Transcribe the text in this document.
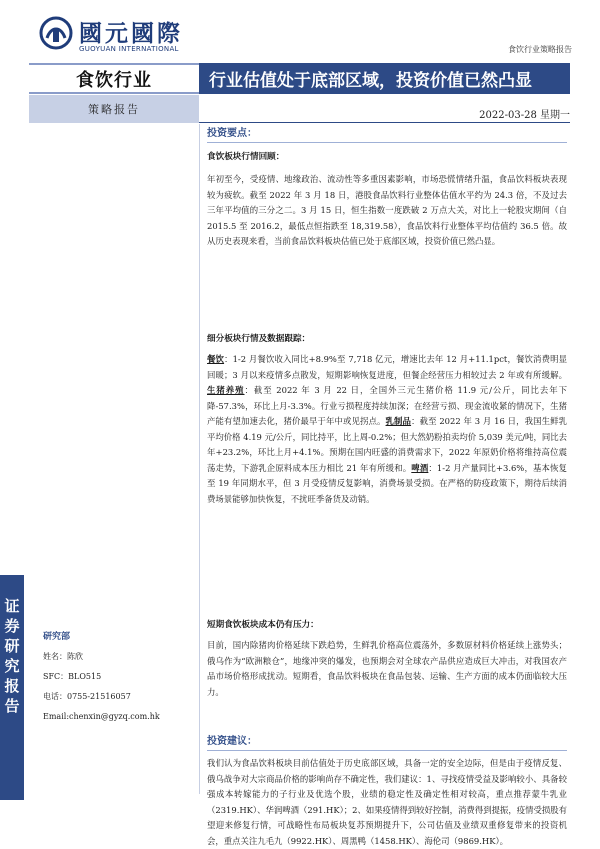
國元國際
GUOYUAN INTERNATIONAL	食饮行业策略报告
食饮行业	行业估值处于底部区域，投资价值已然凸显
策略报告	2022-03-28 星期一
证券研究报告
研究部
姓名：陈欣
SFC：BLO515
电话：0755-21516057
Email:chenxin@gyzq.com.hk
投资要点：
食饮板块行情回顾：
年初至今，受疫情、地缘政治、流动性等多重因素影响，市场恐慌情绪升温，食品饮料板块表现较为疲软。截至 2022 年 3 月 18 日，港股食品饮料行业整体估值水平约为 24.3 倍，不及过去三年平均值的三分之二。3 月 15 日，恒生指数一度跌破 2 万点大关，对比上一轮股灾期间（自 2015.5 至 2016.2，最低点恒指跌至 18,319.58），食品饮料行业整体平均估值约 36.5 倍。故从历史表现来看，当前食品饮料板块估值已处于底部区域，投资价值已然凸显。
细分板块行情及数据跟踪：
餐饮：1-2 月餐饮收入同比+8.9%至 7,718 亿元，增速比去年 12 月+11.1pct，餐饮消费明显回暖；3 月以来疫情多点散发，短期影响恢复进度，但餐企经营压力相较过去 2 年或有所缓解。生猪养殖：截至 2022 年 3 月 22 日，全国外三元生猪价格 11.9 元/公斤，同比去年下降-57.3%，环比上月-3.3%。行业亏损程度持续加深；在经营亏损、现金流收紧的情况下，生猪产能有望加速去化，猪价最早于年中或见拐点。乳制品：截至 2022 年 3 月 16 日，我国生鲜乳平均价格 4.19 元/公斤，同比持平，比上周-0.2%；但大然奶粉拍卖均价 5,039 美元/吨，同比去年+23.2%，环比上月+4.1%。预期在国内旺盛的消费需求下，2022 年原奶价格将维持高位震荡走势，下游乳企原料成本压力相比 21 年有所缓和。啤酒：1-2 月产量同比+3.6%，基本恢复至 19 年同期水平，但 3 月受疫情反复影响，消费场景受损。在严格的防疫政策下，期待后续消费场景能够加快恢复，不扰旺季备货及动销。
短期食饮板块成本仍有压力：
目前，国内除猪肉价格延续下跌趋势，生鲜乳价格高位震荡外，多数原材料价格延续上涨势头；俄乌作为“欧洲粮仓”，地缘冲突的爆发，也预期会对全球农产品供应造成巨大冲击，对我国农产品市场价格形成扰动。短期看，食品饮料板块在食品包装、运输、生产方面的成本仍面临较大压力。
投资建议：
我们认为食品饮料板块目前估值处于历史底部区域，具备一定的安全边际，但是由于疫情反复、俄乌战争对大宗商品价格的影响尚存不确定性，我们建议：1、寻找疫情受益及影响较小、具备较强成本转嫁能力的子行业及优选个股，业绩的稳定性及确定性相对较高，重点推荐蒙牛乳业（2319.HK）、华润啤酒（291.HK）；2、如果疫情得到较好控制，消费得到提振，疫情受损股有望迎来修复行情，可战略性布局板块复苏预期提升下，公司估值及业绩双重修复带来的投资机会，重点关注九毛九（9922.HK）、周黑鸭（1458.HK）、海伦司（9869.HK）。
